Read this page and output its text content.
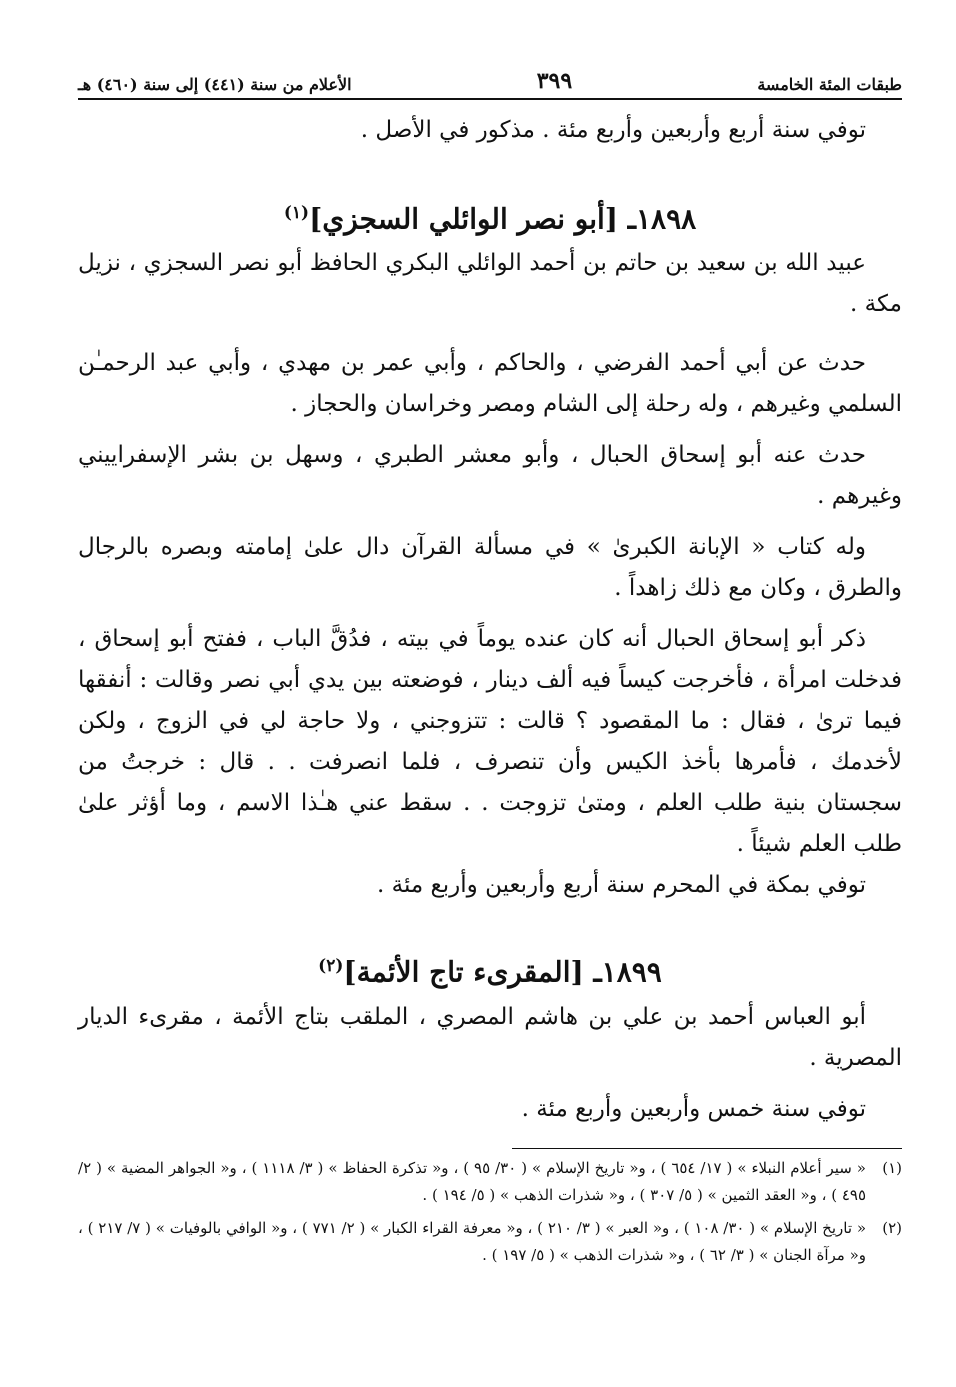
طبقات المئة الخامسة
٣٩٩
الأعلام من سنة (٤٤١) إلى سنة (٤٦٠) هـ

توفي سنة أربع وأربعين وأربع مئة . مذكور في الأصل .

١٨٩٨ـ [أبو نصر الوائلي السجزي]$^{(١)}$

عبيد الله بن سعيد بن حاتم بن أحمد الوائلي البكري الحافظ أبو نصر السجزي ، نزيل مكة .

حدث عن أبي أحمد الفرضي ، والحاكم ، وأبي عمر بن مهدي ، وأبي عبد الرحمـٰن السلمي وغيرهم ، وله رحلة إلى الشام ومصر وخراسان والحجاز .

حدث عنه أبو إسحاق الحبال ، وأبو معشر الطبري ، وسهل بن بشر الإسفراييني وغيرهم .

وله كتاب « الإبانة الكبرىٰ » في مسألة القرآن دال علىٰ إمامته وبصره بالرجال والطرق ، وكان مع ذلك زاهداً .

ذكر أبو إسحاق الحبال أنه كان عنده يوماً في بيته ، فدُقَّ الباب ، ففتح أبو إسحاق ، فدخلت امرأة ، فأخرجت كيساً فيه ألف دينار ، فوضعته بين يدي أبي نصر وقالت : أنفقها فيما ترىٰ ، فقال : ما المقصود ؟ قالت : تتزوجني ، ولا حاجة لي في الزوج ، ولكن لأخدمك ، فأمرها بأخذ الكيس وأن تنصرف ، فلما انصرفت . . قال : خرجتُ من سجستان بنية طلب العلم ، ومتىٰ تزوجت . . سقط عني هـٰذا الاسم ، وما أؤثر علىٰ طلب العلم شيئاً .

توفي بمكة في المحرم سنة أربع وأربعين وأربع مئة .

١٨٩٩ـ [المقرىء تاج الأئمة]$^{(٢)}$

أبو العباس أحمد بن علي بن هاشم المصري ، الملقب بتاج الأئمة ، مقرىء الديار المصرية .

توفي سنة خمس وأربعين وأربع مئة .

(١)
« سير أعلام النبلاء » ( ١٧/ ٦٥٤ ) ، و« تاريخ الإسلام » ( ٣٠/ ٩٥ ) ، و« تذكرة الحفاظ » ( ٣/ ١١١٨ ) ، و« الجواهر المضية » ( ٢/ ٤٩٥ ) ، و« العقد الثمين » ( ٥/ ٣٠٧ ) ، و« شذرات الذهب » ( ٥/ ١٩٤ ) .
(٢)
« تاريخ الإسلام » ( ٣٠/ ١٠٨ ) ، و« العبر » ( ٣/ ٢١٠ ) ، و« معرفة القراء الكبار » ( ٢/ ٧٧١ ) ، و« الوافي بالوفيات » ( ٧/ ٢١٧ ) ، و« مرآة الجنان » ( ٣/ ٦٢ ) ، و« شذرات الذهب » ( ٥/ ١٩٧ ) .
